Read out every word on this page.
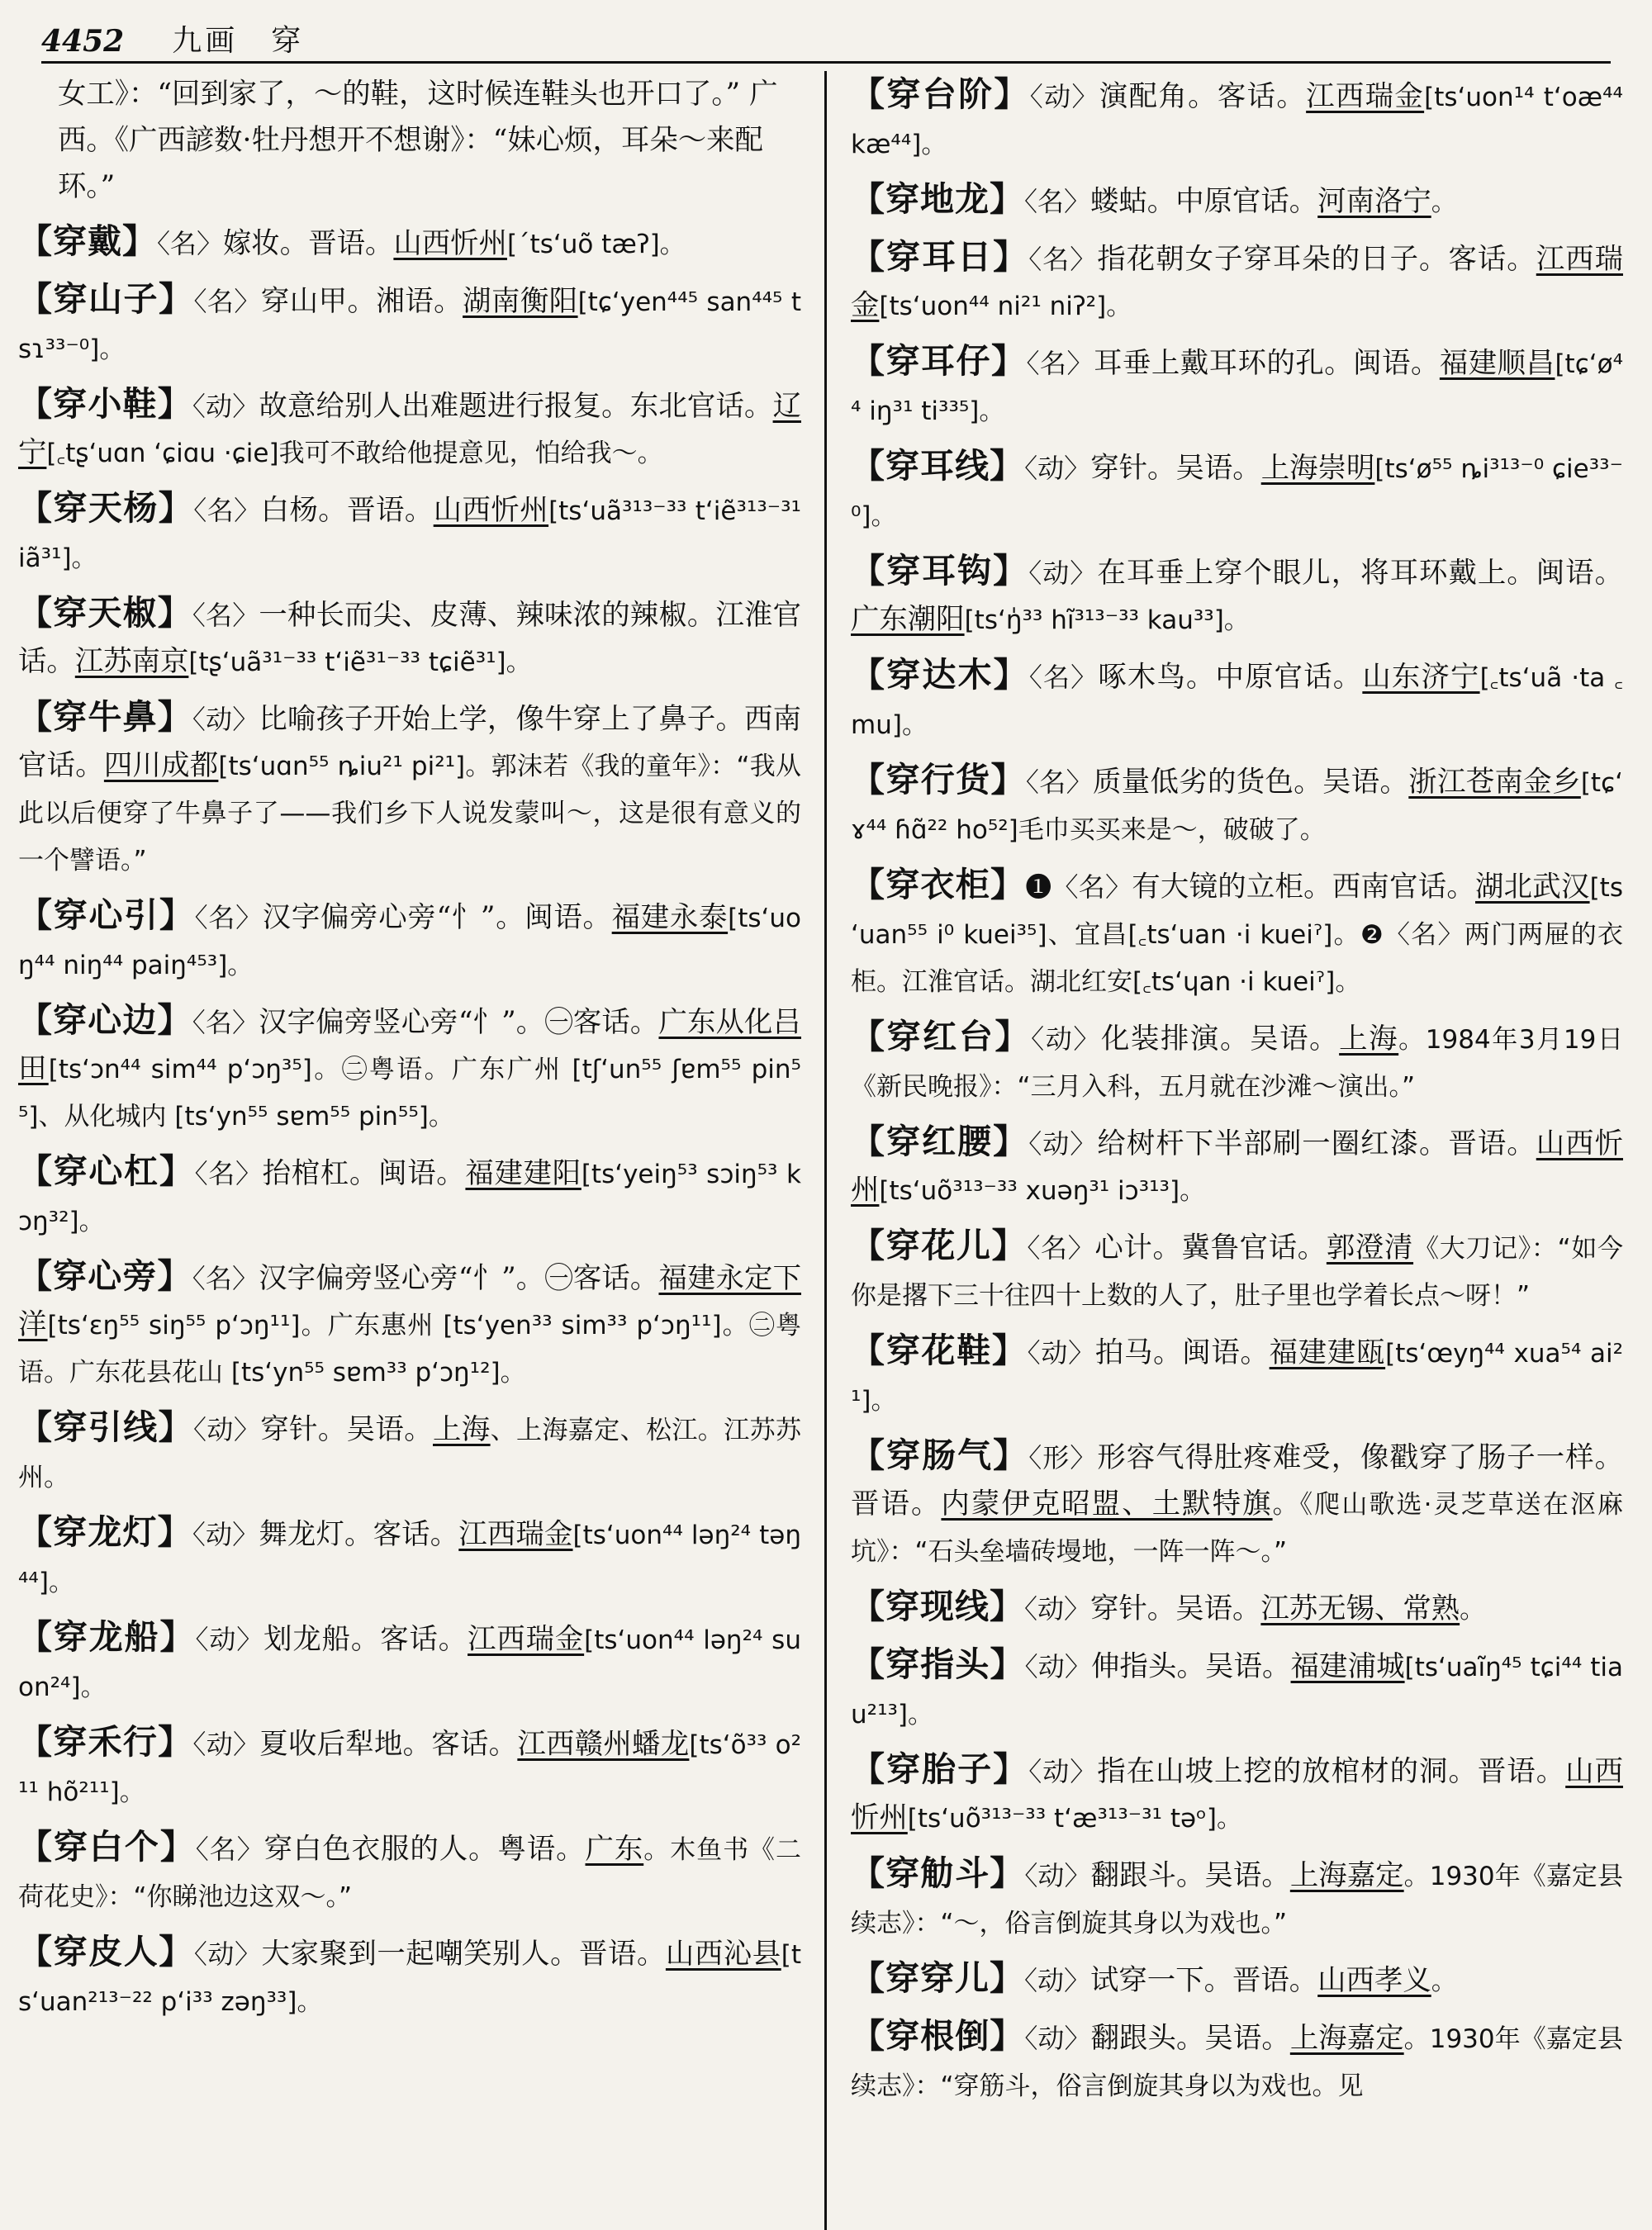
4452 九画　穿
女工》：“回到家了，～的鞋，这时候连鞋头也开口了。” 广西。《广西諺数·牡丹想开不想谢》：“妹心烦，耳朵～来配环。”
【穿戴】〈名〉嫁妆。晋语。山西忻州[ˊtsʻuõ tæʔ]。
【穿山子】〈名〉穿山甲。湘语。湖南衡阳[tɕʻyen⁴⁴⁵ san⁴⁴⁵ tsɿ³³⁻⁰]。
【穿小鞋】〈动〉故意给别人出难题进行报复。东北官话。辽宁[꜀tʂʻuɑn ʻɕiɑu ·ɕie]我可不敢给他提意见，怕给我～。
【穿天杨】〈名〉白杨。晋语。山西忻州[tsʻuã³¹³⁻³³ tʻiẽ³¹³⁻³¹ iã³¹]。
【穿天椒】〈名〉一种长而尖、皮薄、辣味浓的辣椒。江淮官话。江苏南京[tʂʻuã³¹⁻³³ tʻiẽ³¹⁻³³ tɕiẽ³¹]。
【穿牛鼻】〈动〉比喻孩子开始上学，像牛穿上了鼻子。西南官话。四川成都[tsʻuɑn⁵⁵ ȵiu²¹ pi²¹]。郭沫若《我的童年》：“我从此以后便穿了牛鼻子了——我们乡下人说发蒙叫～，这是很有意义的一个譬语。”
【穿心引】〈名〉汉字偏旁心旁“忄”。闽语。福建永泰[tsʻuoŋ⁴⁴ niŋ⁴⁴ paiŋ⁴⁵³]。
【穿心边】〈名〉汉字偏旁竖心旁“忄”。㊀客话。广东从化吕田[tsʻɔn⁴⁴ sim⁴⁴ pʻɔŋ³⁵]。㊁粤语。广东广州 [tʃʻun⁵⁵ ʃɐm⁵⁵ pin⁵⁵]、从化城内 [tsʻyn⁵⁵ sɐm⁵⁵ pin⁵⁵]。
【穿心杠】〈名〉抬棺杠。闽语。福建建阳[tsʻyeiŋ⁵³ sɔiŋ⁵³ kɔŋ³²]。
【穿心旁】〈名〉汉字偏旁竖心旁“忄”。㊀客话。福建永定下洋[tsʻɛŋ⁵⁵ siŋ⁵⁵ pʻɔŋ¹¹]。广东惠州 [tsʻyen³³ sim³³ pʻɔŋ¹¹]。㊁粤语。广东花县花山 [tsʻyn⁵⁵ sɐm³³ pʻɔŋ¹²]。
【穿引线】〈动〉穿针。吴语。上海、上海嘉定、松江。江苏苏州。
【穿龙灯】〈动〉舞龙灯。客话。江西瑞金[tsʻuon⁴⁴ ləŋ²⁴ təŋ⁴⁴]。
【穿龙船】〈动〉划龙船。客话。江西瑞金[tsʻuon⁴⁴ ləŋ²⁴ suon²⁴]。
【穿禾行】〈动〉夏收后犁地。客话。江西赣州蟠龙[tsʻõ³³ o²¹¹ hõ²¹¹]。
【穿白个】〈名〉穿白色衣服的人。粤语。广东。木鱼书《二荷花史》：“你睇池边这双～。”
【穿皮人】〈动〉大家聚到一起嘲笑别人。晋语。山西沁县[tsʻuan²¹³⁻²² pʻi³³ zəŋ³³]。
【穿台阶】〈动〉演配角。客话。江西瑞金[tsʻuon¹⁴ tʻoæ⁴⁴ kæ⁴⁴]。
【穿地龙】〈名〉蝼蛄。中原官话。河南洛宁。
【穿耳日】〈名〉指花朝女子穿耳朵的日子。客话。江西瑞金[tsʻuon⁴⁴ ni²¹ niʔ²]。
【穿耳仔】〈名〉耳垂上戴耳环的孔。闽语。福建顺昌[tɕʻø⁴⁴ iŋ³¹ ti³³⁵]。
【穿耳线】〈动〉穿针。吴语。上海崇明[tsʻø⁵⁵ ȵi³¹³⁻⁰ ɕie³³⁻⁰]。
【穿耳钩】〈动〉在耳垂上穿个眼儿，将耳环戴上。闽语。广东潮阳[tsʻŋ̍³³ hĩ³¹³⁻³³ kau³³]。
【穿达木】〈名〉啄木鸟。中原官话。山东济宁[꜀tsʻuã ·ta ꜀mu]。
【穿行货】〈名〉质量低劣的货色。吴语。浙江苍南金乡[tɕʻɤ⁴⁴ ɦɑ̃²² ho⁵²]毛巾买买来是～，破破了。
【穿衣柜】❶〈名〉有大镜的立柜。西南官话。湖北武汉[tsʻuan⁵⁵ i⁰ kuei³⁵]、宜昌[꜀tsʻuan ·i kueiˀ]。❷〈名〉两门两屉的衣柜。江淮官话。湖北红安[꜀tsʻɥan ·i kueiˀ]。
【穿红台】〈动〉化装排演。吴语。上海。1984年3月19日《新民晚报》：“三月入科，五月就在沙滩～演出。”
【穿红腰】〈动〉给树杆下半部刷一圈红漆。晋语。山西忻州[tsʻuõ³¹³⁻³³ xuəŋ³¹ iɔ³¹³]。
【穿花儿】〈名〉心计。冀鲁官话。郭澄清《大刀记》：“如今你是撂下三十往四十上数的人了，肚子里也学着长点～呀！”
【穿花鞋】〈动〉拍马。闽语。福建建瓯[tsʻœyŋ⁴⁴ xua⁵⁴ ai²¹]。
【穿肠气】〈形〉形容气得肚疼难受，像戳穿了肠子一样。晋语。内蒙伊克昭盟、土默特旗。《爬山歌选·灵芝草送在沤麻坑》：“石头垒墙砖墁地，一阵一阵～。”
【穿现线】〈动〉穿针。吴语。江苏无锡、常熟。
【穿指头】〈动〉伸指头。吴语。福建浦城[tsʻuaĩŋ⁴⁵ tɕi⁴⁴ tiau²¹³]。
【穿胎子】〈动〉指在山坡上挖的放棺材的洞。晋语。山西忻州[tsʻuõ³¹³⁻³³ tʻæ³¹³⁻³¹ təᵒ]。
【穿觔斗】〈动〉翻跟斗。吴语。上海嘉定。1930年《嘉定县续志》：“～，俗言倒旋其身以为戏也。”
【穿穿儿】〈动〉试穿一下。晋语。山西孝义。
【穿根倒】〈动〉翻跟头。吴语。上海嘉定。1930年《嘉定县续志》：“穿筋斗，俗言倒旋其身以为戏也。见
